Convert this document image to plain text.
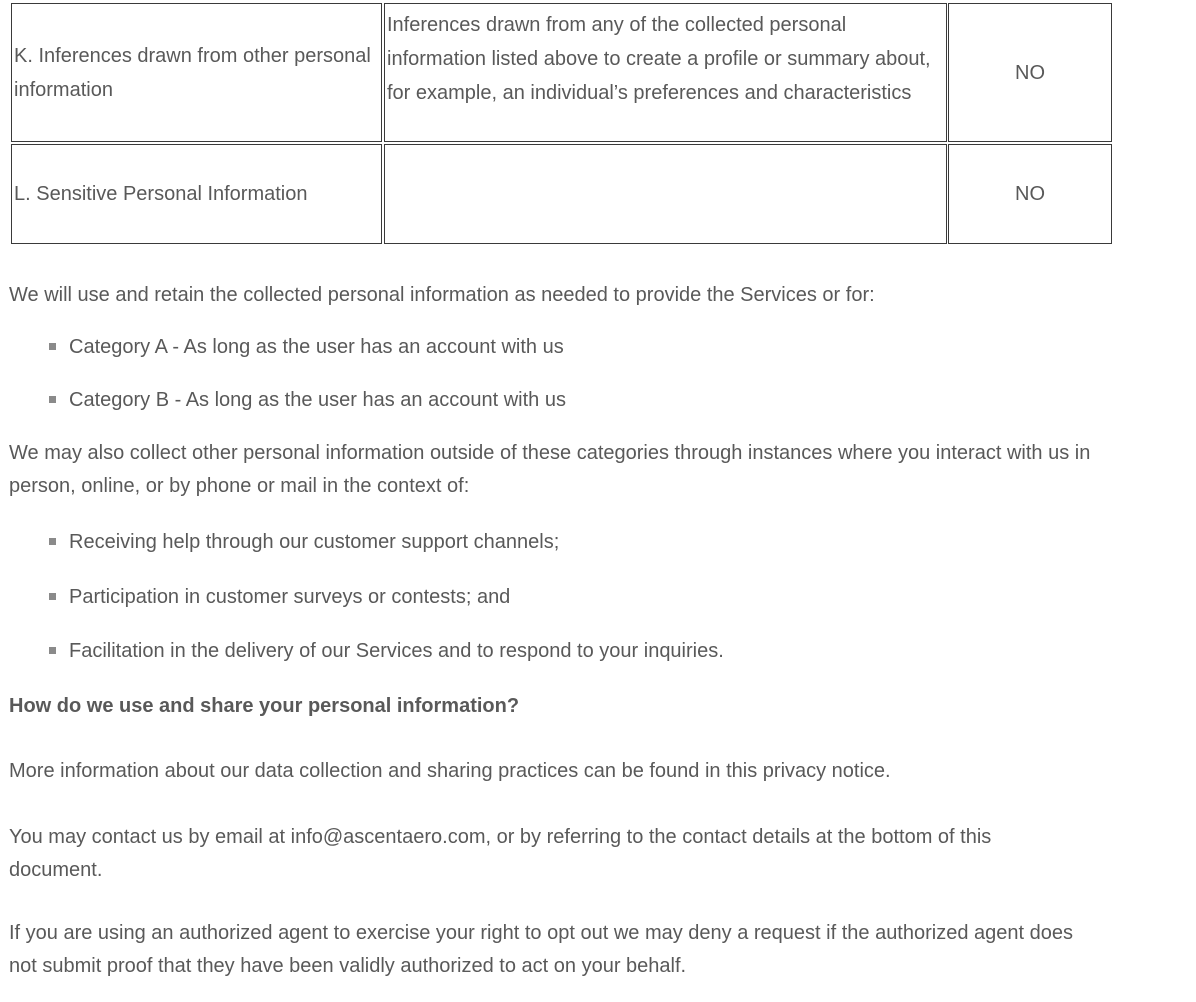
K. Inferences drawn from other personal information
Inferences drawn from any of the collected personal information listed above to create a profile or summary about, for example, an individual’s preferences and characteristics
NO
L. Sensitive Personal Information	NO

We will use and retain the collected personal information as needed to provide the Services or for:

Category A - As long as the user has an account with us
Category B - As long as the user has an account with us

We may also collect other personal information outside of these categories through instances where you interact with us in person, online, or by phone or mail in the context of:

Receiving help through our customer support channels;
Participation in customer surveys or contests; and
Facilitation in the delivery of our Services and to respond to your inquiries.
How do we use and share your personal information?

More information about our data collection and sharing practices can be found in this privacy notice.

You may contact us by email at info@ascentaero.com, or by referring to the contact details at the bottom of this document.

If you are using an authorized agent to exercise your right to opt out we may deny a request if the authorized agent does not submit proof that they have been validly authorized to act on your behalf.
